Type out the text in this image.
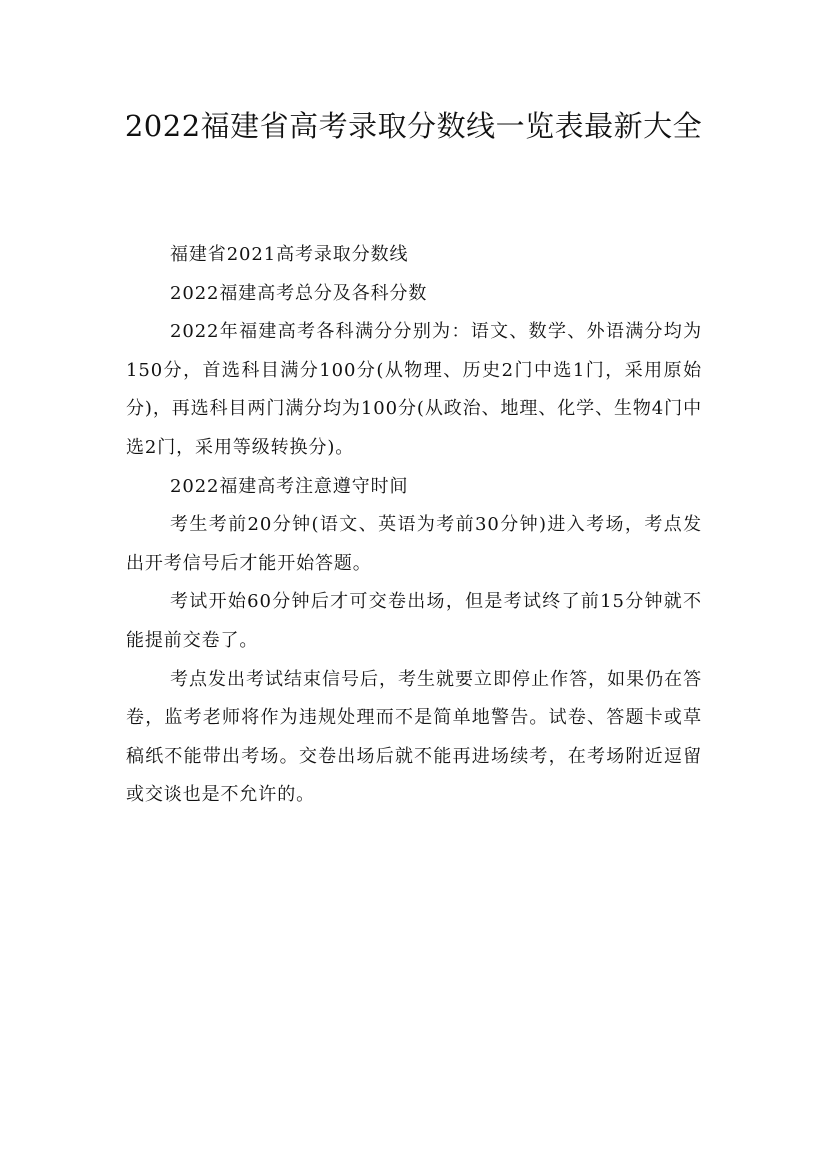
2022福建省高考录取分数线一览表最新大全

福建省2021高考录取分数线

2022福建高考总分及各科分数

2022年福建高考各科满分分别为：语文、数学、外语满分均为150分，首选科目满分100分(从物理、历史2门中选1门，采用原始分)，再选科目两门满分均为100分(从政治、地理、化学、生物4门中选2门，采用等级转换分)。

2022福建高考注意遵守时间

考生考前20分钟(语文、英语为考前30分钟)进入考场，考点发出开考信号后才能开始答题。

考试开始60分钟后才可交卷出场，但是考试终了前15分钟就不能提前交卷了。

考点发出考试结束信号后，考生就要立即停止作答，如果仍在答卷，监考老师将作为违规处理而不是简单地警告。试卷、答题卡或草稿纸不能带出考场。交卷出场后就不能再进场续考，在考场附近逗留或交谈也是不允许的。
